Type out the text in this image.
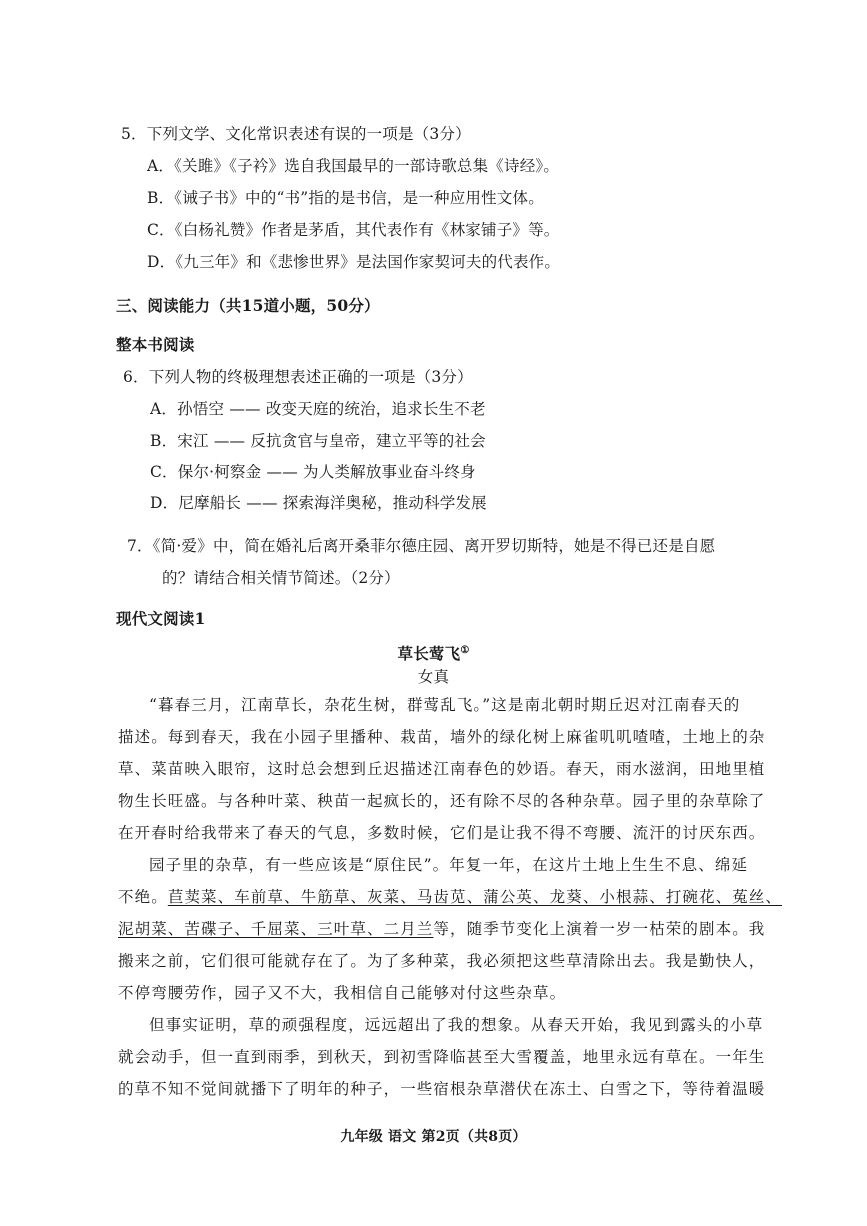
5．下列文学、文化常识表述有误的一项是（3分）
A．《关雎》《子衿》选自我国最早的一部诗歌总集《诗经》。
B．《诫子书》中的“书”指的是书信，是一种应用性文体。
C．《白杨礼赞》作者是茅盾，其代表作有《林家铺子》等。
D．《九三年》和《悲惨世界》是法国作家契诃夫的代表作。
三、阅读能力（共15道小题，50分）
整本书阅读
6．下列人物的终极理想表述正确的一项是（3分）
A．孙悟空 —— 改变天庭的统治，追求长生不老
B．宋江 —— 反抗贪官与皇帝，建立平等的社会
C．保尔·柯察金 —— 为人类解放事业奋斗终身
D．尼摩船长 —— 探索海洋奥秘，推动科学发展
7．《简·爱》中，简在婚礼后离开桑菲尔德庄园、离开罗切斯特，她是不得已还是自愿
的？请结合相关情节简述。（2分）
现代文阅读1
草长莺飞①
女真
“暮春三月，江南草长，杂花生树，群莺乱飞。”这是南北朝时期丘迟对江南春天的
描述。每到春天，我在小园子里播种、栽苗，墙外的绿化树上麻雀叽叽喳喳，土地上的杂
草、菜苗映入眼帘，这时总会想到丘迟描述江南春色的妙语。春天，雨水滋润，田地里植
物生长旺盛。与各种叶菜、秧苗一起疯长的，还有除不尽的各种杂草。园子里的杂草除了
在开春时给我带来了春天的气息，多数时候，它们是让我不得不弯腰、流汗的讨厌东西。
园子里的杂草，有一些应该是“原住民”。年复一年，在这片土地上生生不息、绵延
不绝。苣荬菜、车前草、牛筋草、灰菜、马齿苋、蒲公英、龙葵、小根蒜、打碗花、菟丝、
泥胡菜、苦碟子、千屈菜、三叶草、二月兰等，随季节变化上演着一岁一枯荣的剧本。我
搬来之前，它们很可能就存在了。为了多种菜，我必须把这些草清除出去。我是勤快人，
不停弯腰劳作，园子又不大，我相信自己能够对付这些杂草。
但事实证明，草的顽强程度，远远超出了我的想象。从春天开始，我见到露头的小草
就会动手，但一直到雨季，到秋天，到初雪降临甚至大雪覆盖，地里永远有草在。一年生
的草不知不觉间就播下了明年的种子，一些宿根杂草潜伏在冻土、白雪之下，等待着温暖
九年级 语文 第2页（共8页）
